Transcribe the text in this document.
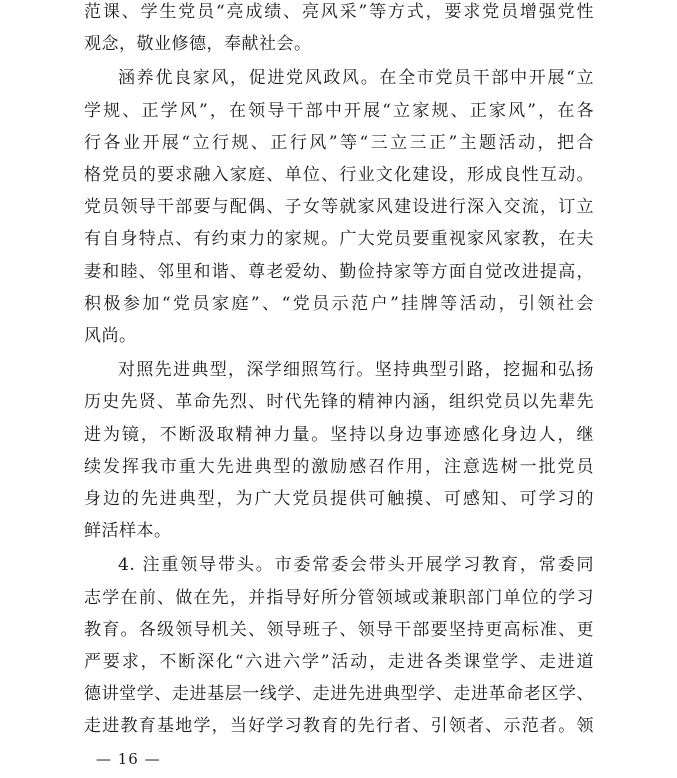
范课、学生党员“亮成绩、亮风采”等方式，要求党员增强党性
观念，敬业修德，奉献社会。
涵养优良家风，促进党风政风。在全市党员干部中开展“立
学规、正学风”，在领导干部中开展“立家规、正家风”，在各
行各业开展“立行规、正行风”等“三立三正”主题活动，把合
格党员的要求融入家庭、单位、行业文化建设，形成良性互动。
党员领导干部要与配偶、子女等就家风建设进行深入交流，订立
有自身特点、有约束力的家规。广大党员要重视家风家教，在夫
妻和睦、邻里和谐、尊老爱幼、勤俭持家等方面自觉改进提高，
积极参加“党员家庭”、“党员示范户”挂牌等活动，引领社会
风尚。
对照先进典型，深学细照笃行。坚持典型引路，挖掘和弘扬
历史先贤、革命先烈、时代先锋的精神内涵，组织党员以先辈先
进为镜，不断汲取精神力量。坚持以身边事迹感化身边人，继
续发挥我市重大先进典型的激励感召作用，注意选树一批党员
身边的先进典型，为广大党员提供可触摸、可感知、可学习的
鲜活样本。
4. 注重领导带头。市委常委会带头开展学习教育，常委同
志学在前、做在先，并指导好所分管领域或兼职部门单位的学习
教育。各级领导机关、领导班子、领导干部要坚持更高标准、更
严要求，不断深化“六进六学”活动，走进各类课堂学、走进道
德讲堂学、走进基层一线学、走进先进典型学、走进革命老区学、
走进教育基地学，当好学习教育的先行者、引领者、示范者。领
— 16 —
